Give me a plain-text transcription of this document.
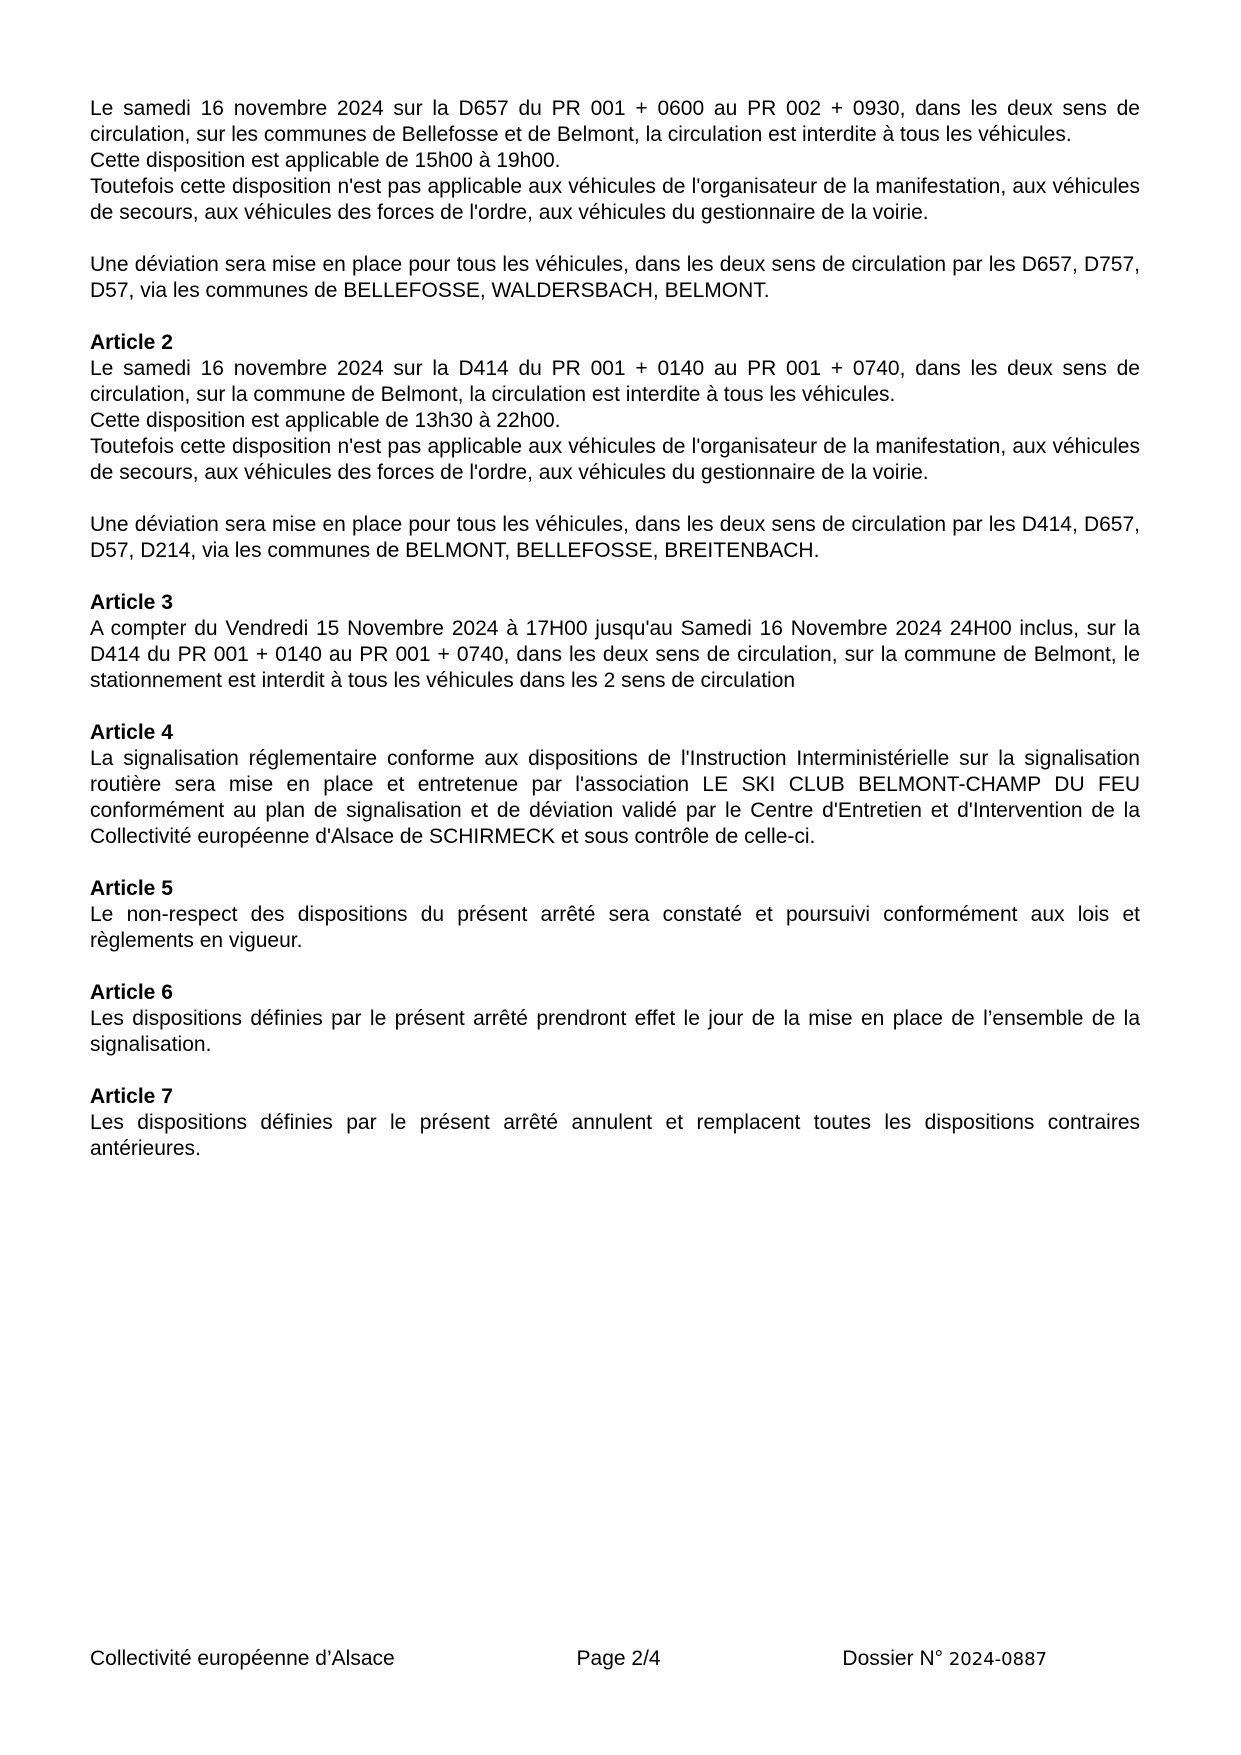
Le samedi 16 novembre 2024 sur la D657 du PR 001 + 0600 au PR 002 + 0930, dans les deux sens de circulation, sur les communes de Bellefosse et de Belmont, la circulation est interdite à tous les véhicules.

Cette disposition est applicable de 15h00 à 19h00.

Toutefois cette disposition n'est pas applicable aux véhicules de l'organisateur de la manifestation, aux véhicules de secours, aux véhicules des forces de l'ordre, aux véhicules du gestionnaire de la voirie.

Une déviation sera mise en place pour tous les véhicules, dans les deux sens de circulation par les D657, D757, D57, via les communes de BELLEFOSSE, WALDERSBACH, BELMONT.

Article 2

Le samedi 16 novembre 2024 sur la D414 du PR 001 + 0140 au PR 001 + 0740, dans les deux sens de circulation, sur la commune de Belmont, la circulation est interdite à tous les véhicules.

Cette disposition est applicable de 13h30 à 22h00.

Toutefois cette disposition n'est pas applicable aux véhicules de l'organisateur de la manifestation, aux véhicules de secours, aux véhicules des forces de l'ordre, aux véhicules du gestionnaire de la voirie.

Une déviation sera mise en place pour tous les véhicules, dans les deux sens de circulation par les D414, D657, D57, D214, via les communes de BELMONT, BELLEFOSSE, BREITENBACH.

Article 3

A compter du Vendredi 15 Novembre 2024 à 17H00 jusqu'au Samedi 16 Novembre 2024 24H00 inclus, sur la D414 du PR 001 + 0140 au PR 001 + 0740, dans les deux sens de circulation, sur la commune de Belmont, le stationnement est interdit à tous les véhicules dans les 2 sens de circulation

Article 4

La signalisation réglementaire conforme aux dispositions de l'Instruction Interministérielle sur la signalisation routière sera mise en place et entretenue par l'association LE SKI CLUB BELMONT-CHAMP DU FEU conformément au plan de signalisation et de déviation validé par le Centre d'Entretien et d'Intervention de la Collectivité européenne d'Alsace de SCHIRMECK et sous contrôle de celle-ci.

Article 5

Le non-respect des dispositions du présent arrêté sera constaté et poursuivi conformément aux lois et règlements en vigueur.

Article 6

Les dispositions définies par le présent arrêté prendront effet le jour de la mise en place de l’ensemble de la signalisation.

Article 7

Les dispositions définies par le présent arrêté annulent et remplacent toutes les dispositions contraires antérieures.

Collectivité européenne d’Alsace	Page 2/4	Dossier N° 2024-0887
